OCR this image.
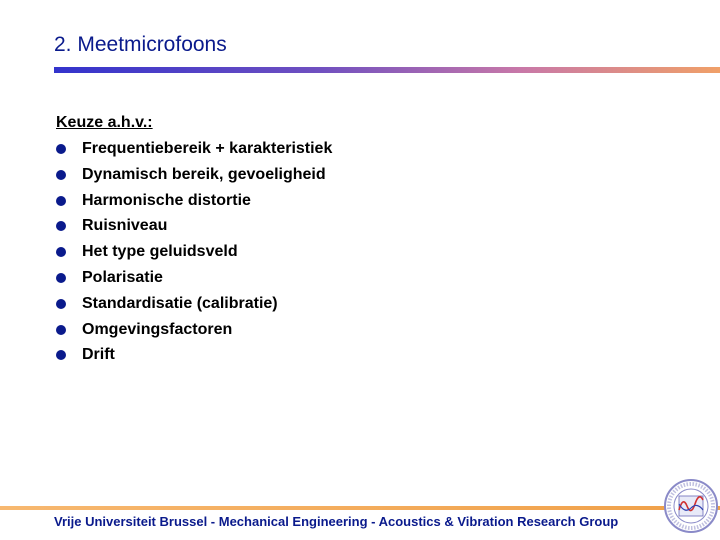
2. Meetmicrofoons
Keuze a.h.v.:
Frequentiebereik + karakteristiek
Dynamisch bereik, gevoeligheid
Harmonische distortie
Ruisniveau
Het type geluidsveld
Polarisatie
Standardisatie (calibratie)
Omgevingsfactoren
Drift
Vrije Universiteit Brussel - Mechanical Engineering - Acoustics & Vibration Research Group
